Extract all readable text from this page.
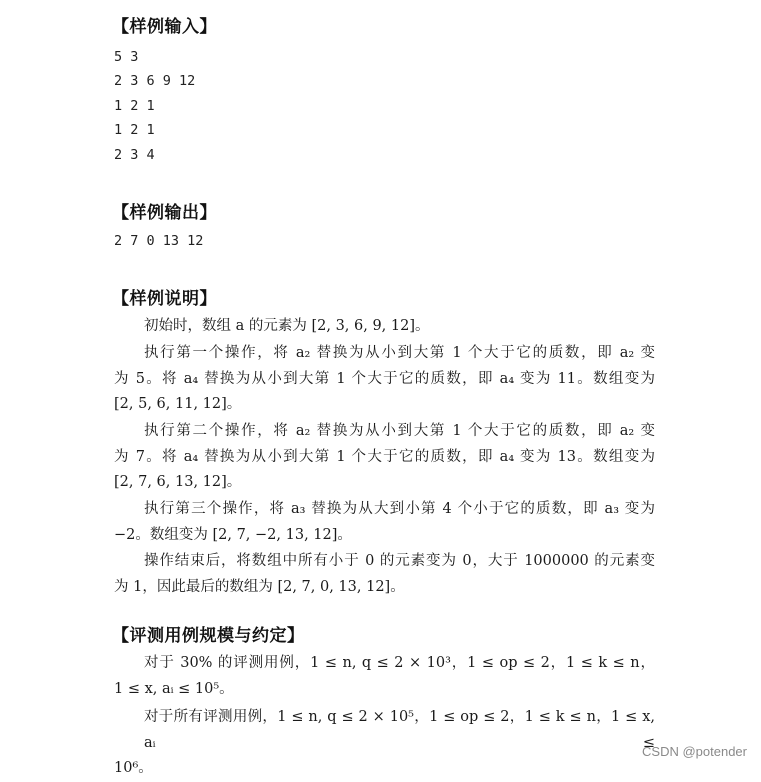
【样例输入】
5 3
2 3 6 9 12
1 2 1
1 2 1
2 3 4
【样例输出】
2 7 0 13 12
【样例说明】
初始时，数组 a 的元素为 [2, 3, 6, 9, 12]。
执行第一个操作，将 a₂ 替换为从小到大第 1 个大于它的质数，即 a₂ 变
为 5。将 a₄ 替换为从小到大第 1 个大于它的质数，即 a₄ 变为 11。数组变为
[2, 5, 6, 11, 12]。
执行第二个操作，将 a₂ 替换为从小到大第 1 个大于它的质数，即 a₂ 变
为 7。将 a₄ 替换为从小到大第 1 个大于它的质数，即 a₄ 变为 13。数组变为
[2, 7, 6, 13, 12]。
执行第三个操作，将 a₃ 替换为从大到小第 4 个小于它的质数，即 a₃ 变为
−2。数组变为 [2, 7, −2, 13, 12]。
操作结束后，将数组中所有小于 0 的元素变为 0，大于 1000000 的元素变
为 1，因此最后的数组为 [2, 7, 0, 13, 12]。
【评测用例规模与约定】
对于 30% 的评测用例，1 ≤ n, q ≤ 2 × 10³，1 ≤ op ≤ 2，1 ≤ k ≤ n，
1 ≤ x, aᵢ ≤ 10⁵。
对于所有评测用例，1 ≤ n, q ≤ 2 × 10⁵，1 ≤ op ≤ 2，1 ≤ k ≤ n，1 ≤ x, aᵢ ≤
10⁶。
CSDN @potender
